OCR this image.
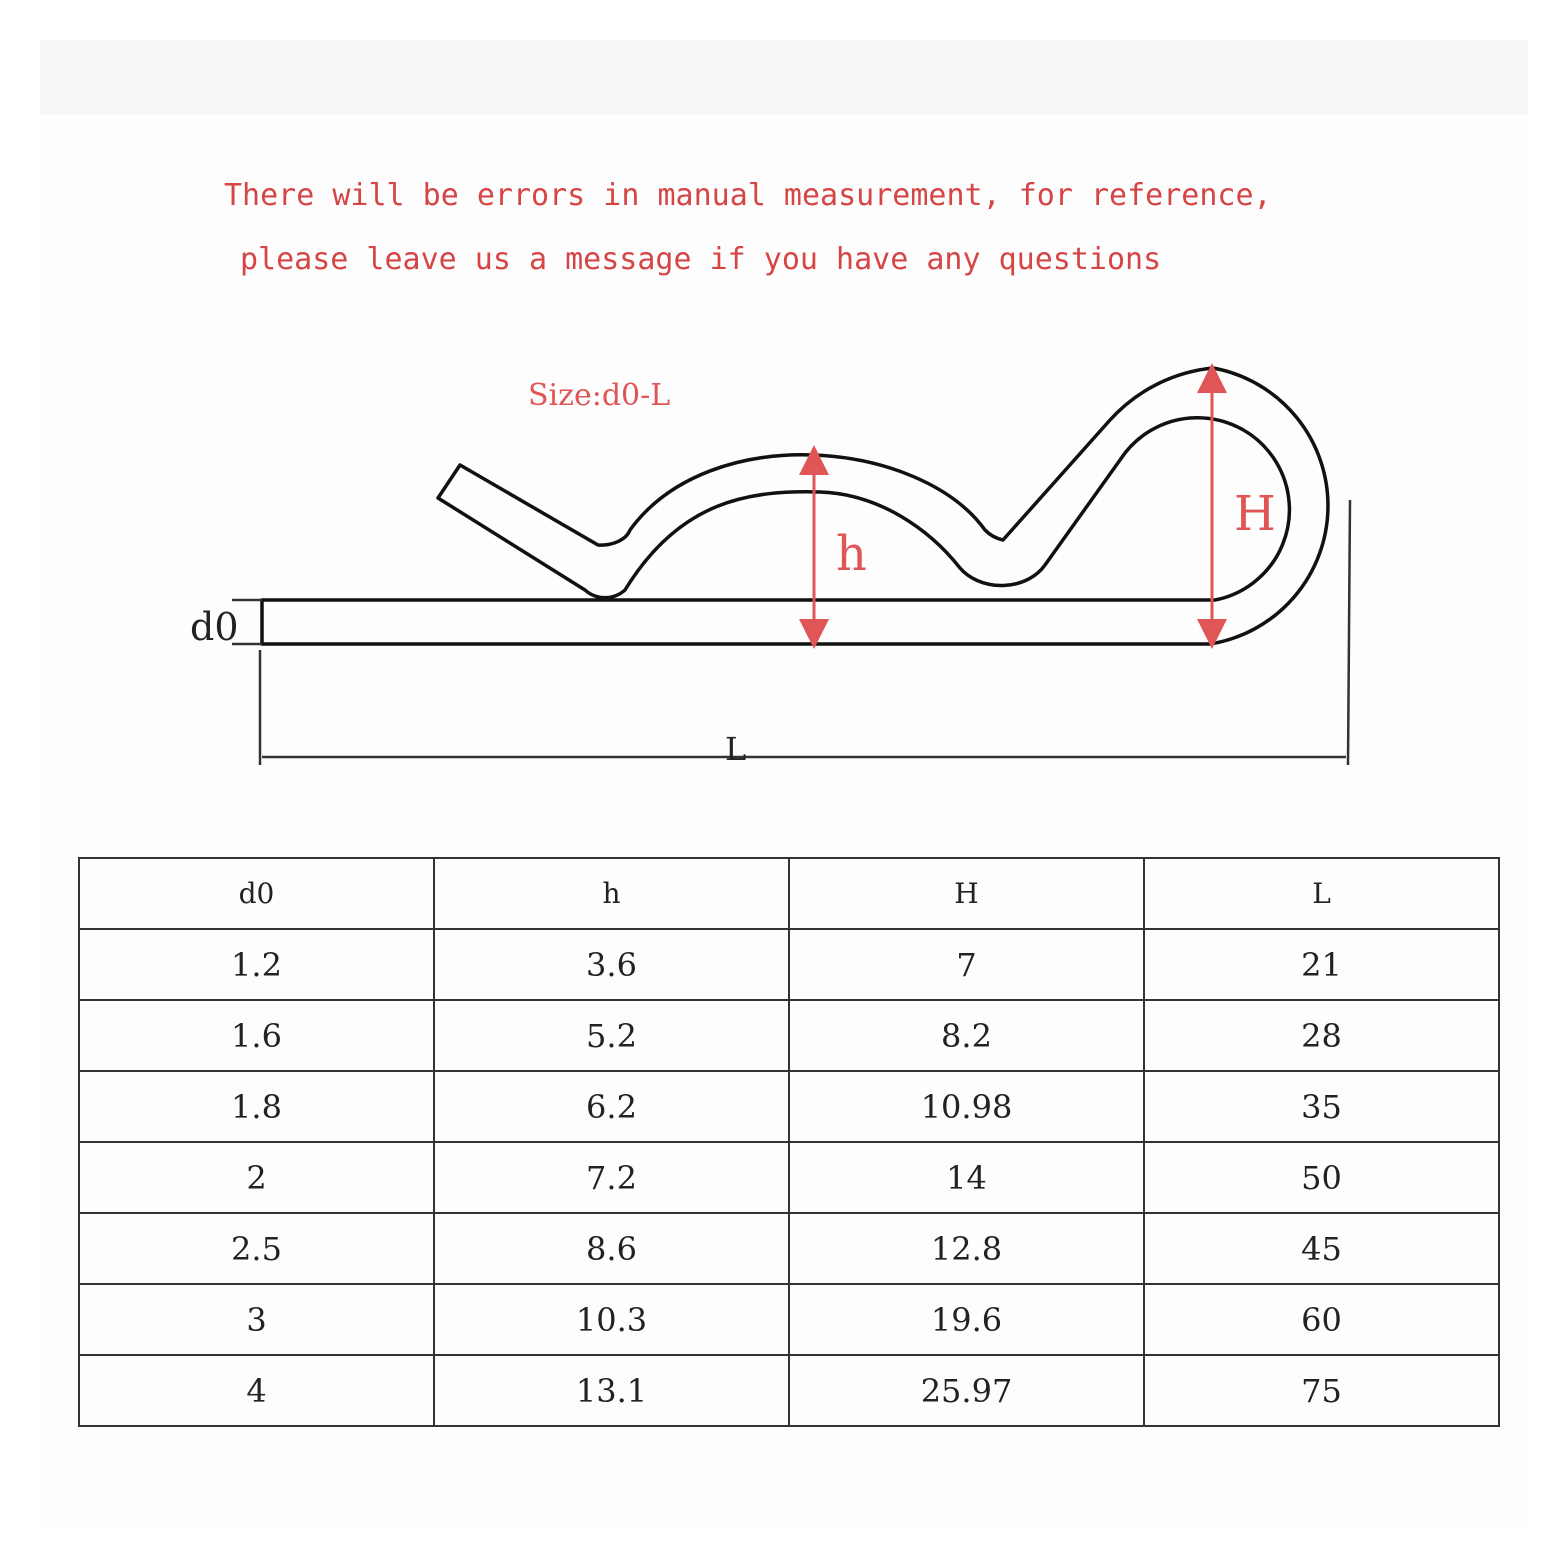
There will be errors in manual measurement, for reference,
please leave us a message if you have any questions
Size:d0-L
h
H
d0
L
d0	h	H	L
1.2	3.6	7	21
1.6	5.2	8.2	28
1.8	6.2	10.98	35
2	7.2	14	50
2.5	8.6	12.8	45
3	10.3	19.6	60
4	13.1	25.97	75
